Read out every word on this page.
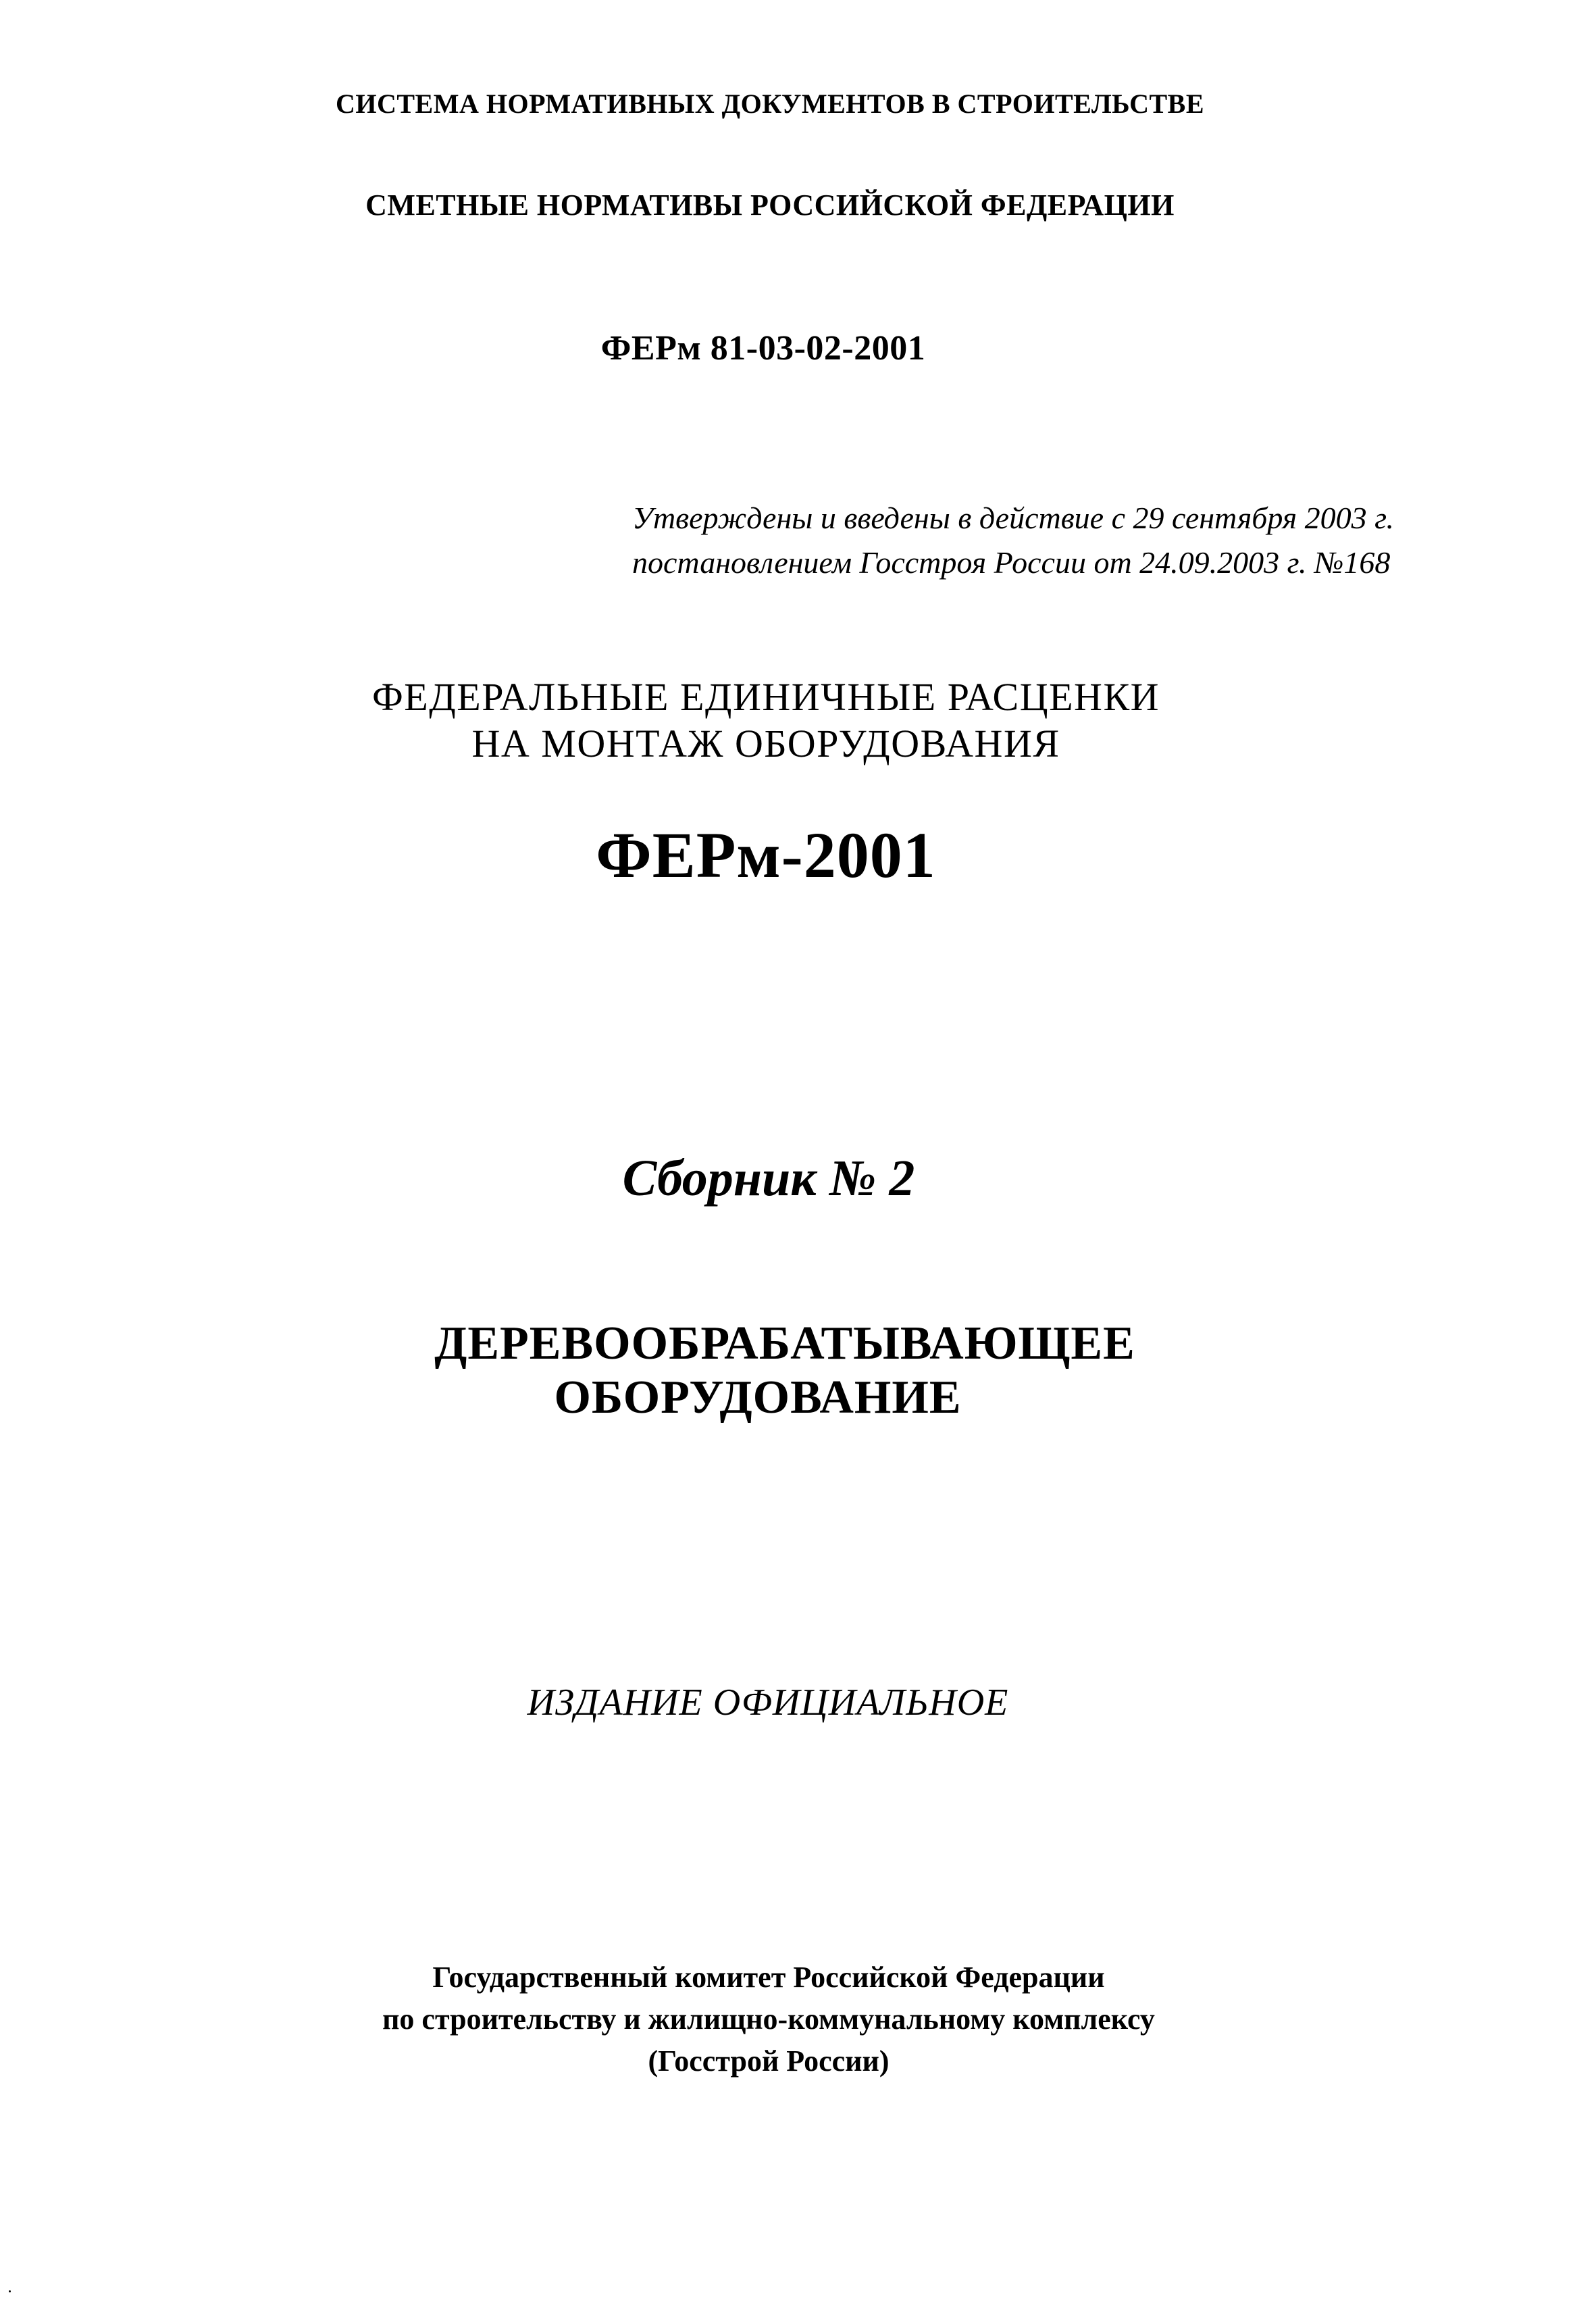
СИСТЕМА НОРМАТИВНЫХ ДОКУМЕНТОВ В СТРОИТЕЛЬСТВЕ

СМЕТНЫЕ НОРМАТИВЫ РОССИЙСКОЙ ФЕДЕРАЦИИ

ФЕРм 81-03-02-2001

Утверждены и введены в действие с 29 сентября 2003 г.

постановлением Госстроя России от 24.09.2003 г. №168

ФЕДЕРАЛЬНЫЕ ЕДИНИЧНЫЕ РАСЦЕНКИ

НА МОНТАЖ ОБОРУДОВАНИЯ

ФЕРм-2001

Сборник № 2

ДЕРЕВООБРАБАТЫВАЮЩЕЕ

ОБОРУДОВАНИЕ

ИЗДАНИЕ ОФИЦИАЛЬНОЕ

Государственный комитет Российской Федерации

по строительству и жилищно-коммунальному комплексу

(Госстрой России)
